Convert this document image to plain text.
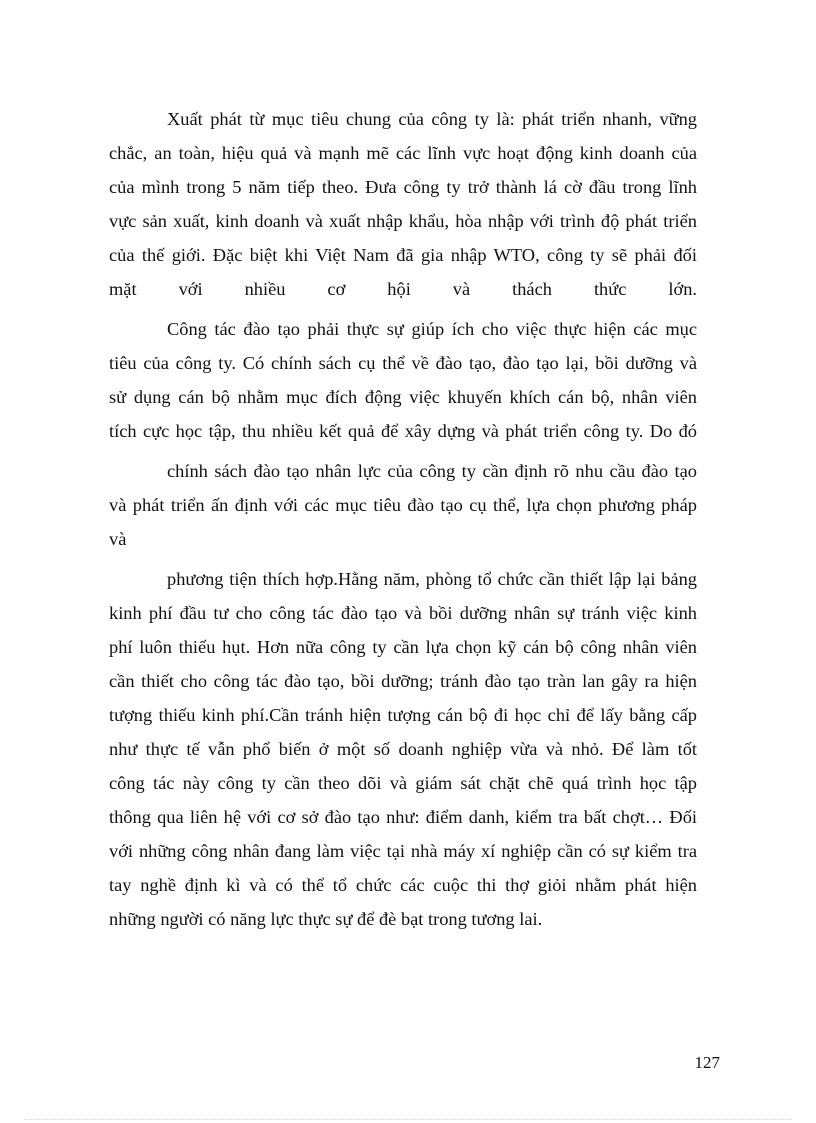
Xuất phát từ mục tiêu chung của công ty là: phát triển nhanh, vững
chắc, an toàn, hiệu quả và mạnh mẽ các lĩnh vực hoạt động kinh doanh của
của mình trong 5 năm tiếp theo. Đưa công ty trở thành lá cờ đầu trong lĩnh
vực sản xuất, kinh doanh và xuất nhập khẩu, hòa nhập với trình độ phát triển
của thế giới. Đặc biệt khi Việt Nam đã gia nhập WTO, công ty sẽ phải đối
mặt với nhiều cơ hội và thách thức lớn.
Công tác đào tạo phải thực sự giúp ích cho việc thực hiện các mục
tiêu của công ty. Có chính sách cụ thể về đào tạo, đào tạo lại, bồi dưỡng và
sử dụng cán bộ nhằm mục đích động việc khuyến khích cán bộ, nhân viên
tích cực học tập, thu nhiều kết quả để xây dựng và phát triển công ty. Do đó
chính sách đào tạo nhân lực của công ty cần định rõ nhu cầu đào tạo
và phát triển ấn định với các mục tiêu đào tạo cụ thể, lựa chọn phương pháp
và
phương tiện thích hợp.Hằng năm, phòng tổ chức cần thiết lập lại bảng
kinh phí đầu tư cho công tác đào tạo và bồi dưỡng nhân sự tránh việc kinh
phí luôn thiếu hụt. Hơn nữa công ty cần lựa chọn kỹ cán bộ công nhân viên
cần thiết cho công tác đào tạo, bồi dưỡng; tránh đào tạo tràn lan gây ra hiện
tượng thiếu kinh phí.Cần tránh hiện tượng cán bộ đi học chỉ để lấy bằng cấp
như thực tế vẫn phổ biến ở một số doanh nghiệp vừa và nhỏ. Để làm tốt
công tác này công ty cần theo dõi và giám sát chặt chẽ quá trình học tập
thông qua liên hệ với cơ sở đào tạo như: điểm danh, kiểm tra bất chợt… Đối
với những công nhân đang làm việc tại nhà máy xí nghiệp cần có sự kiểm tra
tay nghề định kì và có thể tổ chức các cuộc thi thợ giỏi nhằm phát hiện
những người có năng lực thực sự để đè bạt trong tương lai.
127
